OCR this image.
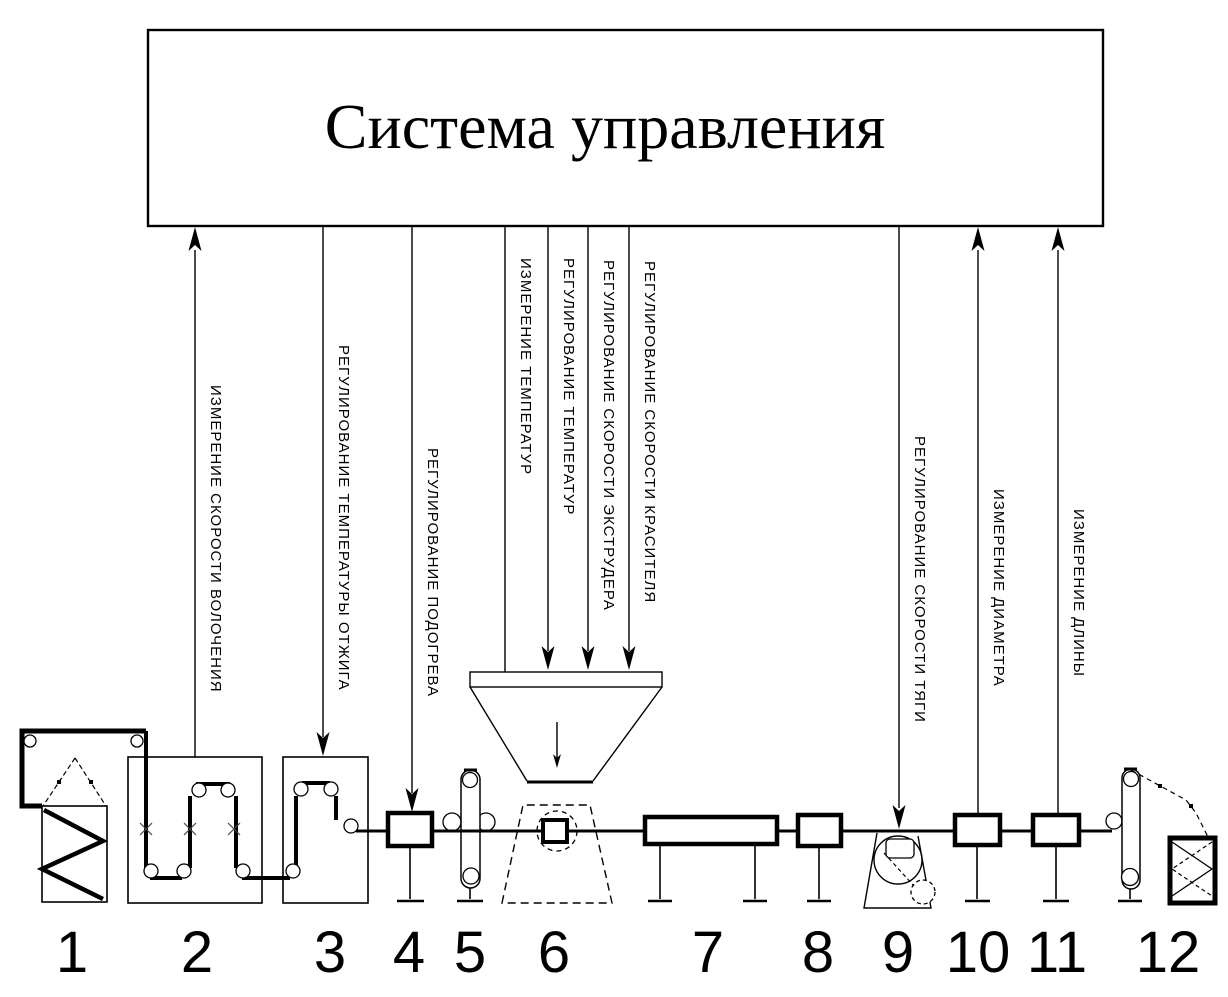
Система управления
ИЗМЕРЕНИЕ СКОРОСТИ ВОЛОЧЕНИЯ	РЕГУЛИРОВАНИЕ ТЕМПЕРАТУРЫ ОТЖИГА	РЕГУЛИРОВАНИЕ ПОДОГРЕВА
ИЗМЕРЕНИЕ ТЕМПЕРАТУР РЕГУЛИРОВАНИЕ ТЕМПЕРАТУР РЕГУЛИРОВАНИЕ СКОРОСТИ ЭКСТРУДЕРА РЕГУЛИРОВАНИЕ СКОРОСТИ КРАСИТЕЛЯ	РЕГУЛИРОВАНИЕ СКОРОСТИ ТЯГИ	ИЗМЕРЕНИЕ ДИАМЕТРА	ИЗМЕРЕНИЕ ДЛИНЫ
1 2 3 4 5 6 7 8 9 10 11 12
